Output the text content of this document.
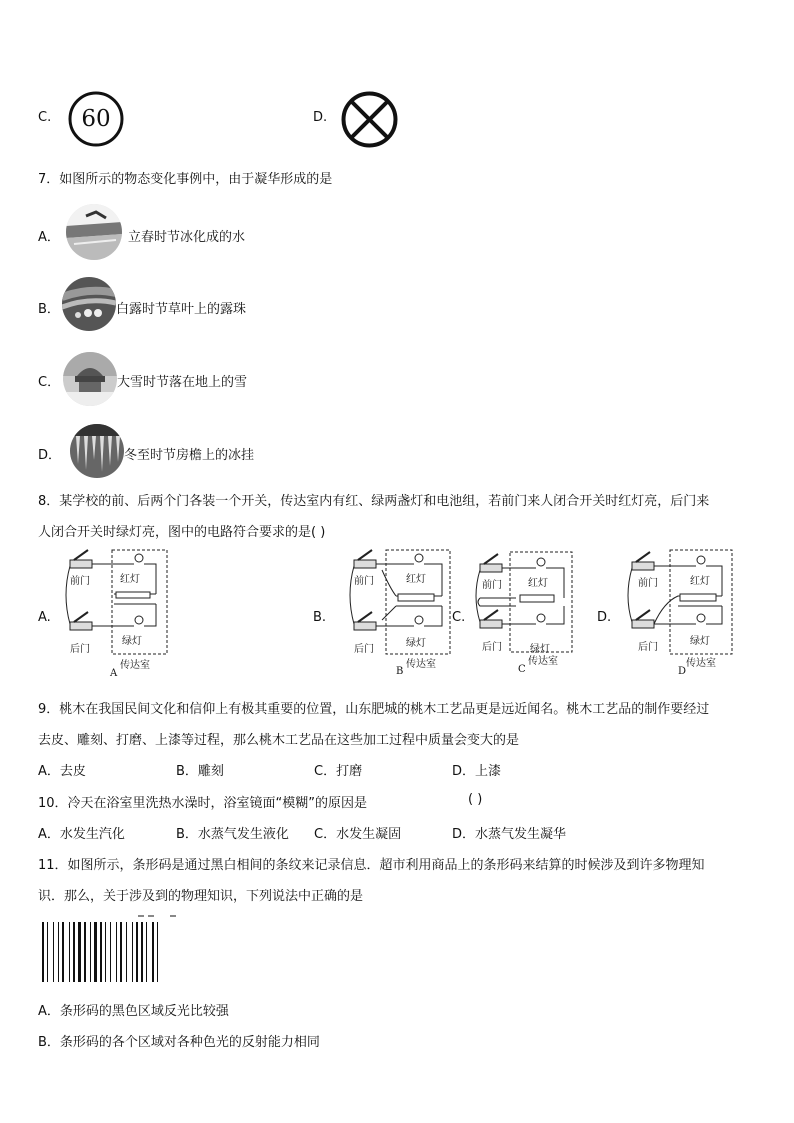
C.	60	D.
7．如图所示的物态变化事例中，由于凝华形成的是
A．	立春时节冰化成的水
B．	白露时节草叶上的露珠
C．	大雪时节落在地上的雪
D．	冬至时节房檐上的冰挂
8．某学校的前、后两个门各装一个开关，传达室内有红、绿两盏灯和电池组，若前门来人闭合开关时红灯亮，后门来
人闭合开关时绿灯亮，图中的电路符合要求的是( )
A.	B.	C.	D.
前门	红灯
后门
绿灯
传达室
A
前门	红灯
后门
绿灯
传达室
B
前门	红灯
后门	绿灯
传达室
C
前门	红灯
后门
绿灯
传达室
D
9．桃木在我国民间文化和信仰上有极其重要的位置，山东肥城的桃木工艺品更是远近闻名。桃木工艺品的制作要经过
去皮、雕刻、打磨、上漆等过程，那么桃木工艺品在这些加工过程中质量会变大的是
A．去皮	B．雕刻	C．打磨	D．上漆
10．冷天在浴室里洗热水澡时，浴室镜面“模糊”的原因是	( )
A．水发生汽化	B．水蒸气发生液化 C．水发生凝固	D．水蒸气发生凝华
11．如图所示，条形码是通过黑白相间的条纹来记录信息．超市利用商品上的条形码来结算的时候涉及到许多物理知
识．那么，关于涉及到的物理知识，下列说法中正确的是
A．条形码的黑色区域反光比较强
B．条形码的各个区域对各种色光的反射能力相同
